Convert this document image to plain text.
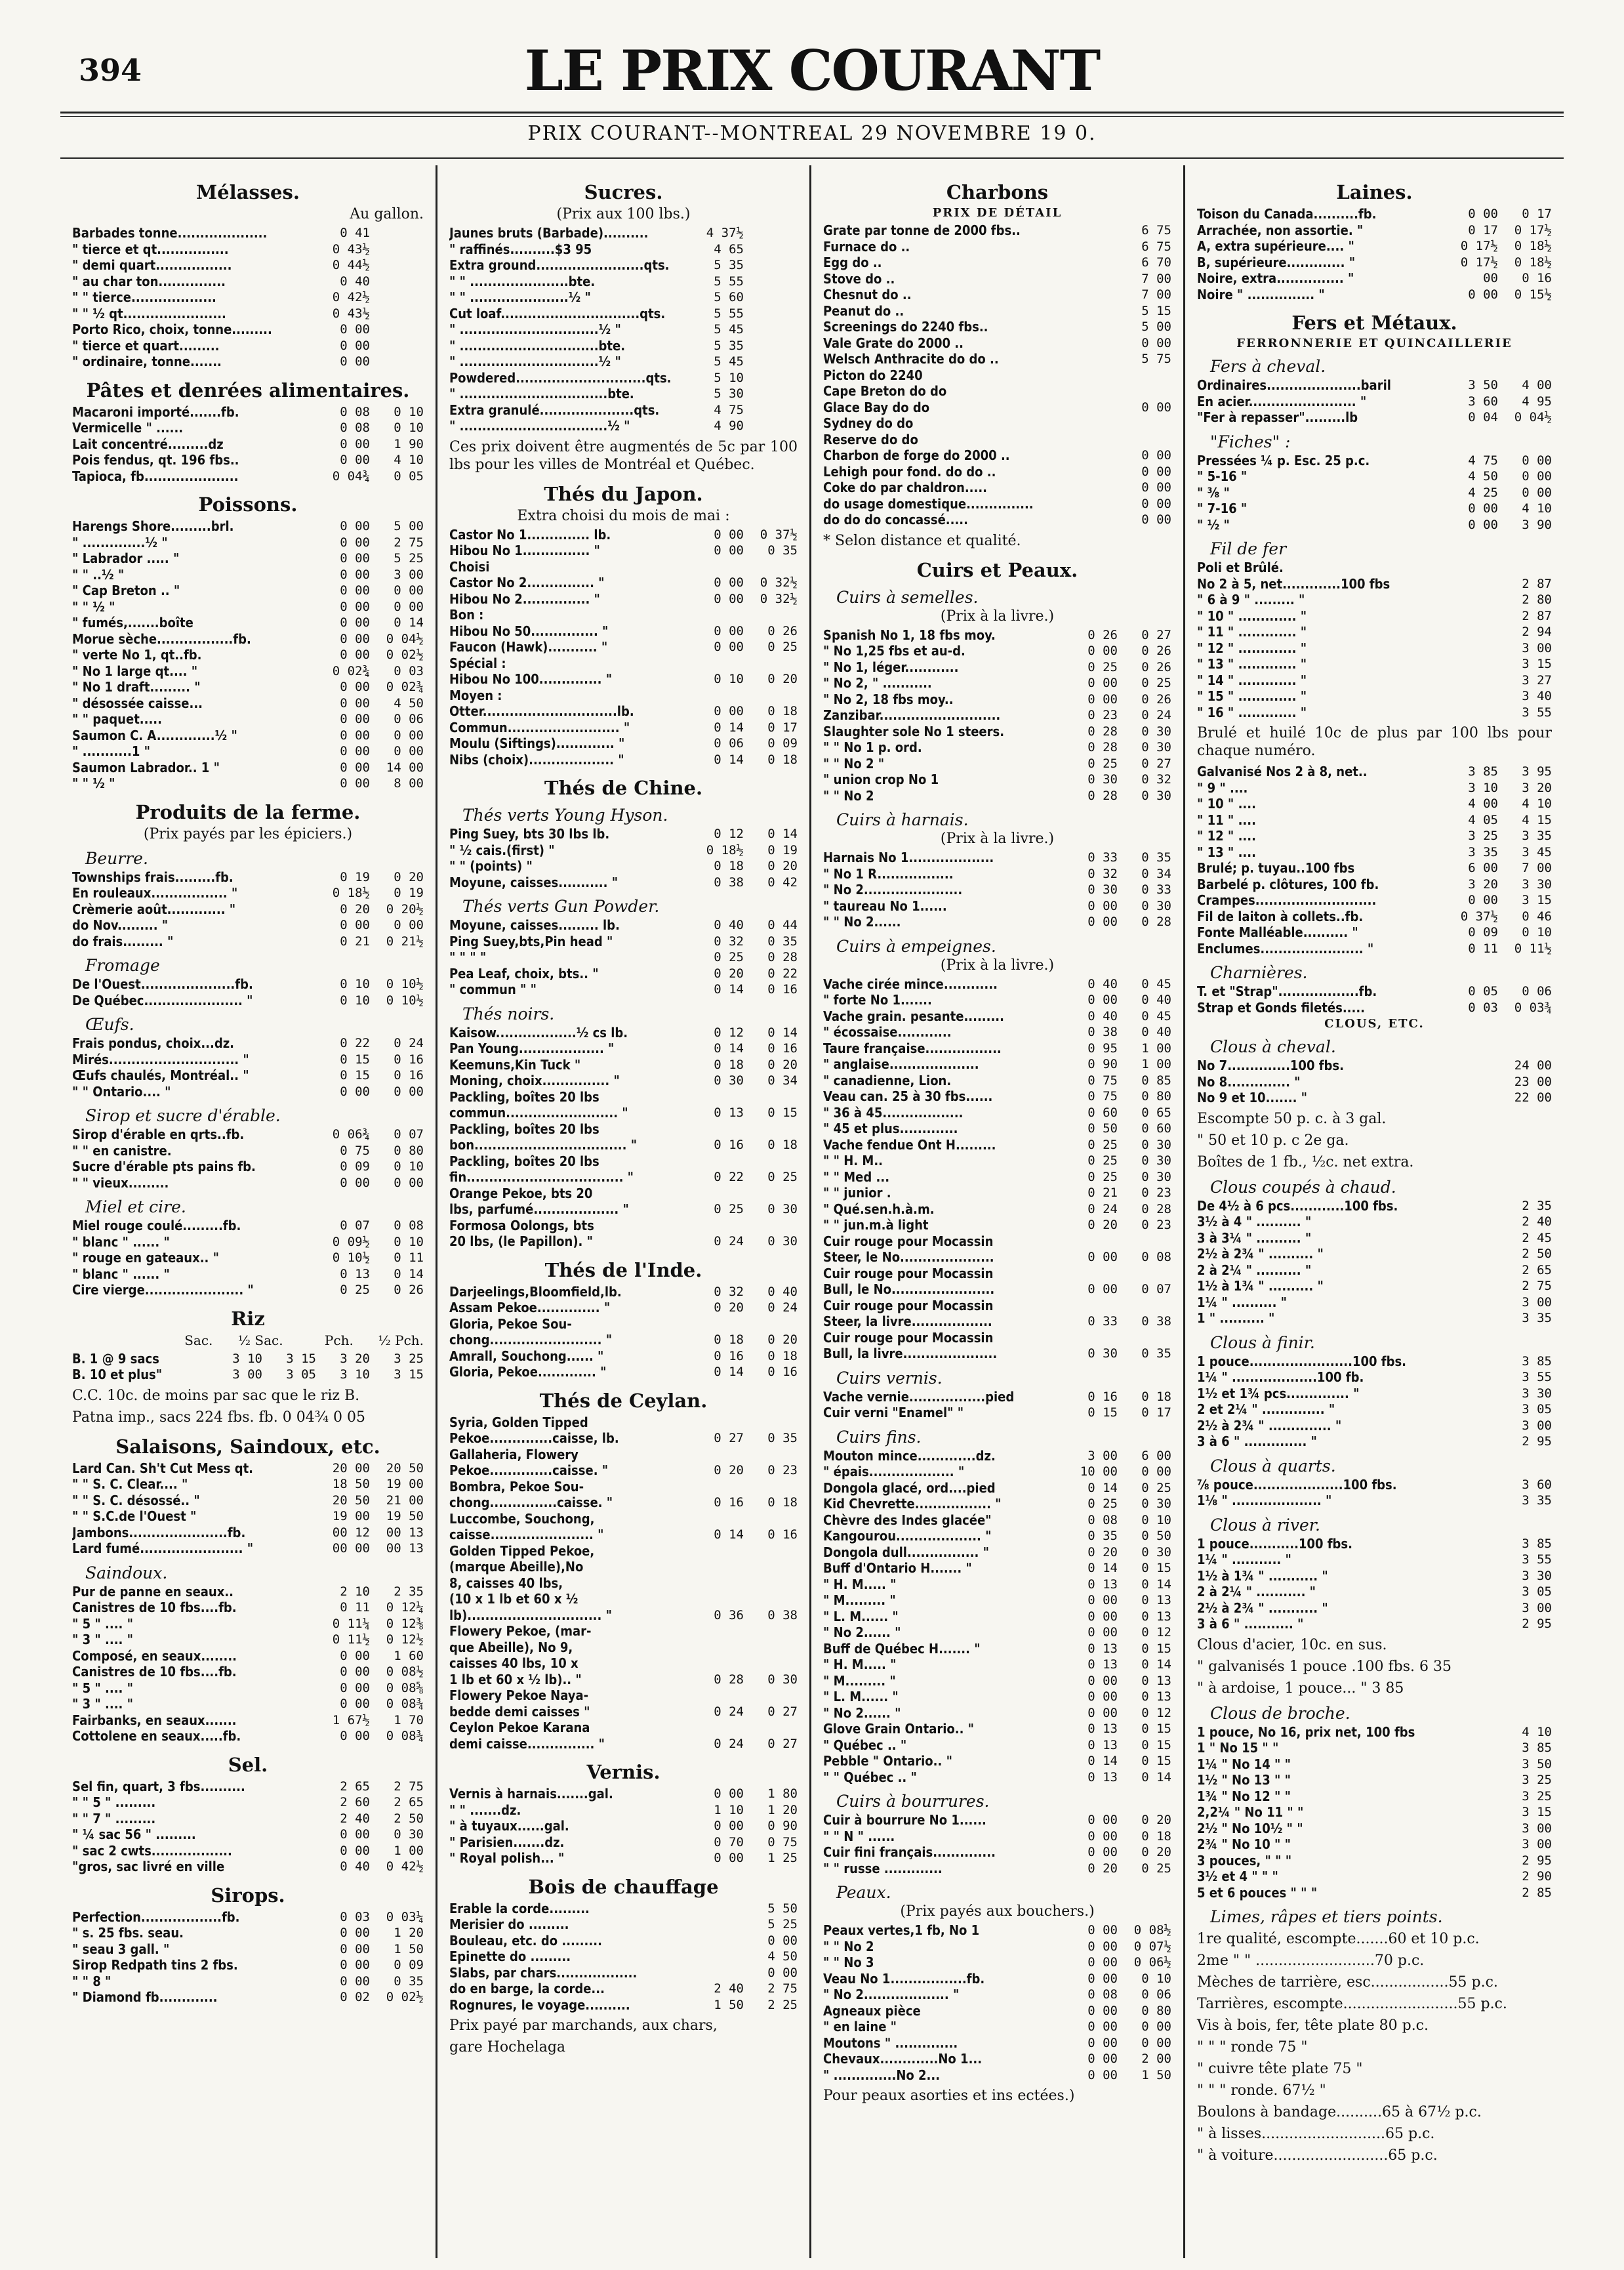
394	LE PRIX COURANT
PRIX COURANT--MONTREAL 29 NOVEMBRE 19 0.
Mélasses.
Au gallon.
Barbades tonne....................	0 41
" tierce et qt................	0 43½
" demi quart.................	0 44½
" au char ton...............	0 40
" " tierce...................	0 42½
" " ½ qt.......................	0 43½
Porto Rico, choix, tonne.........	0 00
" tierce et quart.........	0 00
" ordinaire, tonne.......	0 00
Pâtes et denrées alimentaires.
Macaroni importé.......fb.	0 08	0 10
Vermicelle " ......	0 08	0 10
Lait concentré.........dz	0 00	1 90
Pois fendus, qt. 196 fbs..	0 00	4 10
Tapioca, fb.....................	0 04¾	0 05
Poissons.
Harengs Shore.........brl.	0 00	5 00
" ..............½ "	0 00	2 75
" Labrador ..... "	0 00	5 25
" " ..½ "	0 00	3 00
" Cap Breton .. "	0 00	0 00
" " ½ "	0 00	0 00
" fumés,.......boîte	0 00	0 14
Morue sèche.................fb.	0 00	0 04½
" verte No 1, qt..fb.	0 00	0 02½
" No 1 large qt.... "	0 02¾	0 03
" No 1 draft......... "	0 00	0 02¾
" désossée caisse...	0 00	4 50
" " paquet.....	0 00	0 06
Saumon C. A.............½ "	0 00	0 00
" ...........1 "	0 00	0 00
Saumon Labrador.. 1 "	0 00	14 00
" " ½ "	0 00	8 00
Produits de la ferme.
(Prix payés par les épiciers.)
Beurre.
Townships frais.........fb.	0 19	0 20
En rouleaux................. "	0 18½	0 19
Crèmerie août............. "	0 20	0 20½
do Nov......... "	0 00	0 00
do frais......... "	0 21	0 21½
Fromage
De l'Ouest.....................fb.	0 10	0 10½
De Québec...................... "	0 10	0 10½
Œufs.
Frais pondus, choix...dz.	0 22	0 24
Mirés............................. "	0 15	0 16
Œufs chaulés, Montréal.. "	0 15	0 16
" " Ontario.... "	0 00	0 00
Sirop et sucre d'érable.
Sirop d'érable en qrts..fb.	0 06¾	0 07
" " en canistre.	0 75	0 80
Sucre d'érable pts pains fb.	0 09	0 10
" " vieux.........	0 00	0 00
Miel et cire.
Miel rouge coulé.........fb.	0 07	0 08
" blanc " ...... "	0 09½	0 10
" rouge en gateaux.. "	0 10½	0 11
" blanc " ...... "	0 13	0 14
Cire vierge...................... "	0 25	0 26
Riz
Sac.	½ Sac.	Pch.	½ Pch.
B. 1 @ 9 sacs	3 10	3 15	3 20	3 25
B. 10 et plus"	3 00	3 05	3 10	3 15
C.C. 10c. de moins par sac que le riz B.
Patna imp., sacs 224 fbs. fb. 0 04¾ 0 05
Salaisons, Saindoux, etc.
Lard Can. Sh't Cut Mess qt.	20 00	20 50
" " S. C. Clear.... "	18 50	19 00
" " S. C. désossé.. "	20 50	21 00
" " S.C.de l'Ouest "	19 00	19 50
Jambons......................fb.	00 12	00 13
Lard fumé....................... "	00 00	00 13
Saindoux.
Pur de panne en seaux..	2 10	2 35
Canistres de 10 fbs....fb.	0 11	0 12¼
" 5 " .... "	0 11¼	0 12⅜
" 3 " .... "	0 11½	0 12½
Composé, en seaux........	0 00	1 60
Canistres de 10 fbs....fb.	0 00	0 08½
" 5 " .... "	0 00	0 08⅝
" 3 " .... "	0 00	0 08¾
Fairbanks, en seaux.......	1 67½	1 70
Cottolene en seaux.....fb.	0 00	0 08¾
Sel.
Sel fin, quart, 3 fbs..........	2 65	2 75
" " 5 " .........	2 60	2 65
" " 7 " .........	2 40	2 50
" ¼ sac 56 " .........	0 00	0 30
" sac 2 cwts..................	0 00	1 00
"gros, sac livré en ville	0 40	0 42½
Sirops.
Perfection..................fb.	0 03	0 03¼
" s. 25 fbs. seau.	0 00	1 20
" seau 3 gall. "	0 00	1 50
Sirop Redpath tins 2 fbs.	0 00	0 09
" " 8 "	0 00	0 35
" Diamond fb.............	0 02	0 02½
Sucres.
(Prix aux 100 lbs.)
Jaunes bruts (Barbade)..........	4 37½
" raffinés..........$3 95	4 65
Extra ground........................qts.	5 35
" " ......................bte.	5 55
" " ......................½ "	5 60
Cut loaf...............................qts.	5 55
" ...............................½ "	5 45
" ...............................bte.	5 35
" ...............................½ "	5 45
Powdered.............................qts.	5 10
" .................................bte.	5 30
Extra granulé.....................qts.	4 75
" .................................½ "	4 90
Ces prix doivent être augmentés de 5c par 100 lbs pour les villes de Montréal et Québec.
Thés du Japon.
Extra choisi du mois de mai :
Castor No 1.............. lb.	0 00	0 37½
Hibou No 1............... "	0 00	0 35
Choisi
Castor No 2............... "	0 00	0 32½
Hibou No 2............... "	0 00	0 32½
Bon :
Hibou No 50............... "	0 00	0 26
Faucon (Hawk)........... "	0 00	0 25
Spécial :
Hibou No 100.............. "	0 10	0 20
Moyen :
Otter..............................lb.	0 00	0 18
Commun......................... "	0 14	0 17
Moulu (Siftings)............. "	0 06	0 09
Nibs (choix)................... "	0 14	0 18
Thés de Chine.
Thés verts Young Hyson.
Ping Suey, bts 30 lbs lb.	0 12	0 14
" ½ cais.(first) "	0 18½	0 19
" " (points) "	0 18	0 20
Moyune, caisses........... "	0 38	0 42
Thés verts Gun Powder.
Moyune, caisses......... lb.	0 40	0 44
Ping Suey,bts,Pin head "	0 32	0 35
" " " "	0 25	0 28
Pea Leaf, choix, bts.. "	0 20	0 22
" commun " "	0 14	0 16
Thés noirs.
Kaisow..................½ cs lb.	0 12	0 14
Pan Young................... "	0 14	0 16
Keemuns,Kin Tuck "	0 18	0 20
Moning, choix............... "	0 30	0 34
Packling, boîtes 20 lbs
commun......................... "	0 13	0 15
Packling, boîtes 20 lbs
bon.................................. "	0 16	0 18
Packling, boîtes 20 lbs
fin................................... "	0 22	0 25
Orange Pekoe, bts 20
lbs, parfumé................... "	0 25	0 30
Formosa Oolongs, bts
20 lbs, (le Papillon). "	0 24	0 30
Thés de l'Inde.
Darjeelings,Bloomfield,lb.	0 32	0 40
Assam Pekoe.............. "	0 20	0 24
Gloria, Pekoe Sou-
chong......................... "	0 18	0 20
Amrall, Souchong...... "	0 16	0 18
Gloria, Pekoe............. "	0 14	0 16
Thés de Ceylan.
Syria, Golden Tipped
Pekoe..............caisse, lb.	0 27	0 35
Gallaheria, Flowery
Pekoe..............caisse. "	0 20	0 23
Bombra, Pekoe Sou-
chong...............caisse. "	0 16	0 18
Luccombe, Souchong,
caisse....................... "	0 14	0 16
Golden Tipped Pekoe,
(marque Abeille),No
8, caisses 40 lbs,
(10 x 1 lb et 60 x ½
lb).............................. "	0 36	0 38
Flowery Pekoe, (mar-
que Abeille), No 9,
caisses 40 lbs, 10 x
1 lb et 60 x ½ lb).. "	0 28	0 30
Flowery Pekoe Naya-
bedde demi caisses "	0 24	0 27
Ceylon Pekoe Karana
demi caisse............... "	0 24	0 27
Vernis.
Vernis à harnais.......gal.	0 00	1 80
" " .......dz.	1 10	1 20
" à tuyaux......gal.	0 00	0 90
" Parisien.......dz.	0 70	0 75
" Royal polish... "	0 00	1 25
Bois de chauffage
Erable la corde.........	5 50
Merisier do .........	5 25
Bouleau, etc. do .........	0 00
Epinette do .........	4 50
Slabs, par chars..................	0 00
do en barge, la corde...	2 40	2 75
Rognures, le voyage..........	1 50	2 25
Prix payé par marchands, aux chars,
gare Hochelaga
Charbons
PRIX DE DÉTAIL
Grate par tonne de 2000 fbs..	6 75
Furnace do ..	6 75
Egg do ..	6 70
Stove do ..	7 00
Chesnut do ..	7 00
Peanut do ..	5 15
Screenings do 2240 fbs..	5 00
Vale Grate do 2000 ..	0 00
Welsch Anthracite do do ..	5 75
Picton do 2240
Cape Breton do do
Glace Bay do do	0 00
Sydney do do
Reserve do do
Charbon de forge do 2000 ..	0 00
Lehigh pour fond. do do ..	0 00
Coke do par chaldron.....	0 00
do usage domestique...............	0 00
do do do concassé.....	0 00
* Selon distance et qualité.
Cuirs et Peaux.
Cuirs à semelles.
(Prix à la livre.)
Spanish No 1, 18 fbs moy.	0 26	0 27
" No 1,25 fbs et au-d.	0 00	0 26
" No 1, léger............	0 25	0 26
" No 2, " ...........	0 00	0 25
" No 2, 18 fbs moy..	0 00	0 26
Zanzibar...........................	0 23	0 24
Slaughter sole No 1 steers.	0 28	0 30
" " No 1 p. ord.	0 28	0 30
" " No 2 "	0 25	0 27
" union crop No 1	0 30	0 32
" " No 2	0 28	0 30
Cuirs à harnais.
(Prix à la livre.)
Harnais No 1...................	0 33	0 35
" No 1 R.................	0 32	0 34
" No 2......................	0 30	0 33
" taureau No 1......	0 00	0 30
" " No 2......	0 00	0 28
Cuirs à empeignes.
(Prix à la livre.)
Vache cirée mince............	0 40	0 45
" forte No 1.......	0 00	0 40
Vache grain. pesante.........	0 40	0 45
" écossaise............	0 38	0 40
Taure française.................	0 95	1 00
" anglaise....................	0 90	1 00
" canadienne, Lion.	0 75	0 85
Veau can. 25 à 30 fbs......	0 75	0 80
" 36 à 45..................	0 60	0 65
" 45 et plus.............	0 50	0 60
Vache fendue Ont H.........	0 25	0 30
" " H. M..	0 25	0 30
" " Med ...	0 25	0 30
" " junior .	0 21	0 23
" Qué.sen.h.à.m.	0 24	0 28
" " jun.m.à light	0 20	0 23
Cuir rouge pour Mocassin
Steer, le No.....................	0 00	0 08
Cuir rouge pour Mocassin
Bull, le No.......................	0 00	0 07
Cuir rouge pour Mocassin
Steer, la livre..................	0 33	0 38
Cuir rouge pour Mocassin
Bull, la livre.....................	0 30	0 35
Cuirs vernis.
Vache vernie.................pied	0 16	0 18
Cuir verni "Enamel" "	0 15	0 17
Cuirs fins.
Mouton mince.............dz.	3 00	6 00
" épais................... "	10 00	0 00
Dongola glacé, ord....pied	0 14	0 25
Kid Chevrette................. "	0 25	0 30
Chèvre des Indes glacée"	0 08	0 10
Kangourou................... "	0 35	0 50
Dongola dull................ "	0 20	0 30
Buff d'Ontario H....... "	0 14	0 15
" H. M..... "	0 13	0 14
" M......... "	0 00	0 13
" L. M...... "	0 00	0 13
" No 2...... "	0 00	0 12
Buff de Québec H....... "	0 13	0 15
" H. M..... "	0 13	0 14
" M......... "	0 00	0 13
" L. M...... "	0 00	0 13
" No 2...... "	0 00	0 12
Glove Grain Ontario.. "	0 13	0 15
" Québec .. "	0 13	0 15
Pebble " Ontario.. "	0 14	0 15
" " Québec .. "	0 13	0 14
Cuirs à bourrures.
Cuir à bourrure No 1......	0 00	0 20
" " N " ......	0 00	0 18
Cuir fini français..............	0 00	0 20
" " russe .............	0 20	0 25
Peaux.
(Prix payés aux bouchers.)
Peaux vertes,1 fb, No 1	0 00	0 08½
" " No 2	0 00	0 07½
" " No 3	0 00	0 06½
Veau No 1.................fb.	0 00	0 10
" No 2................... "	0 08	0 06
Agneaux pièce	0 00	0 80
" en laine "	0 00	0 00
Moutons " ..............	0 00	0 00
Chevaux.............No 1...	0 00	2 00
" ..............No 2...	0 00	1 50
Pour peaux asorties et ins ectées.)
Laines.
Toison du Canada..........fb.	0 00	0 17
Arrachée, non assortie. "	0 17	0 17½
A, extra supérieure.... "	0 17½	0 18½
B, supérieure............. "	0 17½	0 18½
Noire, extra............... "	00	0 16
Noire " ............... "	0 00	0 15½
Fers et Métaux.
FERRONNERIE ET QUINCAILLERIE
Fers à cheval.
Ordinaires.....................baril	3 50	4 00
En acier........................ "	3 60	4 95
"Fer à repasser".........lb	0 04	0 04½
"Fiches" :
Pressées ¼ p. Esc. 25 p.c.	4 75	0 00
" 5-16 "	4 50	0 00
" ⅜ "	4 25	0 00
" 7-16 "	0 00	4 10
" ½ "	0 00	3 90
Fil de fer
Poli et Brûlé.
No 2 à 5, net.............100 fbs	2 87
" 6 à 9 " ......... "	2 80
" 10 " ............. "	2 87
" 11 " ............. "	2 94
" 12 " ............. "	3 00
" 13 " ............. "	3 15
" 14 " ............. "	3 27
" 15 " ............. "	3 40
" 16 " ............. "	3 55
Brulé et huilé 10c de plus par 100 lbs pour chaque numéro.
Galvanisé Nos 2 à 8, net..	3 85	3 95
" 9 " ....	3 10	3 20
" 10 " ....	4 00	4 10
" 11 " ....	4 05	4 15
" 12 " ....	3 25	3 35
" 13 " ....	3 35	3 45
Brulé; p. tuyau..100 fbs	6 00	7 00
Barbelé p. clôtures, 100 fb.	3 20	3 30
Crampes...........................	0 00	3 15
Fil de laiton à collets..fb.	0 37½	0 46
Fonte Malléable.......... "	0 09	0 10
Enclumes....................... "	0 11	0 11½
Charnières.
T. et "Strap"..................fb.	0 05	0 06
Strap et Gonds filetés.....	0 03	0 03¾
CLOUS, ETC.
Clous à cheval.
No 7..............100 fbs.	24 00
No 8.............. "	23 00
No 9 et 10....... "	22 00
Escompte 50 p. c. à 3 gal.
" 50 et 10 p. c 2e ga.
Boîtes de 1 fb., ½c. net extra.
Clous coupés à chaud.
De 4½ à 6 pcs............100 fbs.	2 35
3½ à 4 " .......... "	2 40
3 à 3¼ " .......... "	2 45
2½ à 2¾ " .......... "	2 50
2 à 2¼ " .......... "	2 65
1½ à 1¾ " .......... "	2 75
1¼ " .......... "	3 00
1 " .......... "	3 35
Clous à finir.
1 pouce.......................100 fbs.	3 85
1¼ " ...................100 fb.	3 55
1½ et 1¾ pcs.............. "	3 30
2 et 2¼ " .............. "	3 05
2½ à 2¾ " .............. "	3 00
3 à 6 " .............. "	2 95
Clous à quarts.
⅞ pouce....................100 fbs.	3 60
1⅛ " .................... "	3 35
Clous à river.
1 pouce...........100 fbs.	3 85
1¼ " ........... "	3 55
1½ à 1¾ " ........... "	3 30
2 à 2¼ " ........... "	3 05
2½ à 2¾ " ........... "	3 00
3 à 6 " ........... "	2 95
Clous d'acier, 10c. en sus.
" galvanisés 1 pouce .100 fbs. 6 35
" à ardoise, 1 pouce... " 3 85
Clous de broche.
1 pouce, No 16, prix net, 100 fbs	4 10
1 " No 15 " "	3 85
1¼ " No 14 " "	3 50
1½ " No 13 " "	3 25
1¾ " No 12 " "	3 25
2,2¼ " No 11 " "	3 15
2½ " No 10½ " "	3 00
2¾ " No 10 " "	3 00
3 pouces, " " "	2 95
3½ et 4 " " "	2 90
5 et 6 pouces " " "	2 85
Limes, râpes et tiers points.
1re qualité, escompte.......60 et 10 p.c.
2me " " ..........................70 p.c.
Mèches de tarrière, esc.................55 p.c.
Tarrières, escompte.........................55 p.c.
Vis à bois, fer, tête plate 80 p.c.
" " " ronde 75 "
" cuivre tête plate 75 "
" " " ronde. 67½ "
Boulons à bandage..........65 à 67½ p.c.
" à lisses...........................65 p.c.
" à voiture.........................65 p.c.
